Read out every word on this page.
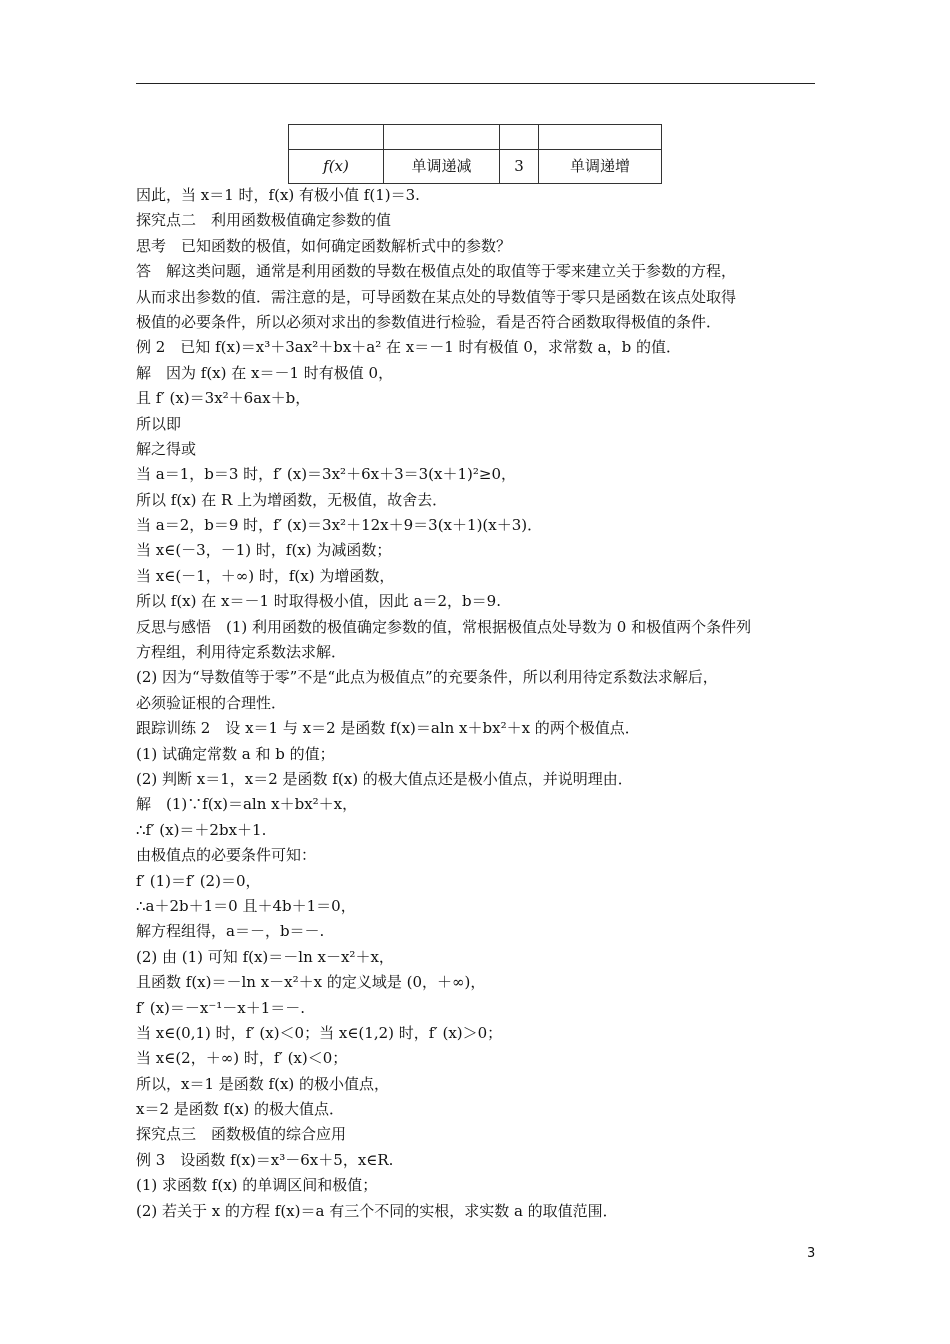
f(x)	单调递减	3	单调递增
因此，当 x＝1 时，f(x) 有极小值 f(1)＝3.
探究点二　利用函数极值确定参数的值
思考　已知函数的极值，如何确定函数解析式中的参数？
答　解这类问题，通常是利用函数的导数在极值点处的取值等于零来建立关于参数的方程，
从而求出参数的值．需注意的是，可导函数在某点处的导数值等于零只是函数在该点处取得
极值的必要条件，所以必须对求出的参数值进行检验，看是否符合函数取得极值的条件．
例 2　已知 f(x)＝x³＋3ax²＋bx＋a² 在 x＝－1 时有极值 0，求常数 a，b 的值．
解　因为 f(x) 在 x＝－1 时有极值 0，
且 f′ (x)＝3x²＋6ax＋b，
所以即
解之得或
当 a＝1，b＝3 时，f′ (x)＝3x²＋6x＋3＝3(x＋1)²≥0，
所以 f(x) 在 R 上为增函数，无极值，故舍去．
当 a＝2，b＝9 时，f′ (x)＝3x²＋12x＋9＝3(x＋1)(x＋3)．
当 x∈(－3，－1) 时，f(x) 为减函数；
当 x∈(－1，＋∞) 时，f(x) 为增函数，
所以 f(x) 在 x＝－1 时取得极小值，因此 a＝2，b＝9.
反思与感悟　(1) 利用函数的极值确定参数的值，常根据极值点处导数为 0 和极值两个条件列
方程组，利用待定系数法求解．
(2) 因为“导数值等于零”不是“此点为极值点”的充要条件，所以利用待定系数法求解后，
必须验证根的合理性．
跟踪训练 2　设 x＝1 与 x＝2 是函数 f(x)＝aln x＋bx²＋x 的两个极值点．
(1) 试确定常数 a 和 b 的值；
(2) 判断 x＝1，x＝2 是函数 f(x) 的极大值点还是极小值点，并说明理由．
解　(1)∵f(x)＝aln x＋bx²＋x，
∴f′ (x)＝＋2bx＋1.
由极值点的必要条件可知：
f′ (1)＝f′ (2)＝0，
∴a＋2b＋1＝0 且＋4b＋1＝0，
解方程组得，a＝－，b＝－.
(2) 由 (1) 可知 f(x)＝－ln x－x²＋x，
且函数 f(x)＝－ln x－x²＋x 的定义域是 (0，＋∞)，
f′ (x)＝－x⁻¹－x＋1＝－.
当 x∈(0,1) 时，f′ (x)＜0；当 x∈(1,2) 时，f′ (x)＞0；
当 x∈(2，＋∞) 时，f′ (x)＜0；
所以，x＝1 是函数 f(x) 的极小值点，
x＝2 是函数 f(x) 的极大值点．
探究点三　函数极值的综合应用
例 3　设函数 f(x)＝x³－6x＋5，x∈R.
(1) 求函数 f(x) 的单调区间和极值；
(2) 若关于 x 的方程 f(x)＝a 有三个不同的实根，求实数 a 的取值范围．
3
